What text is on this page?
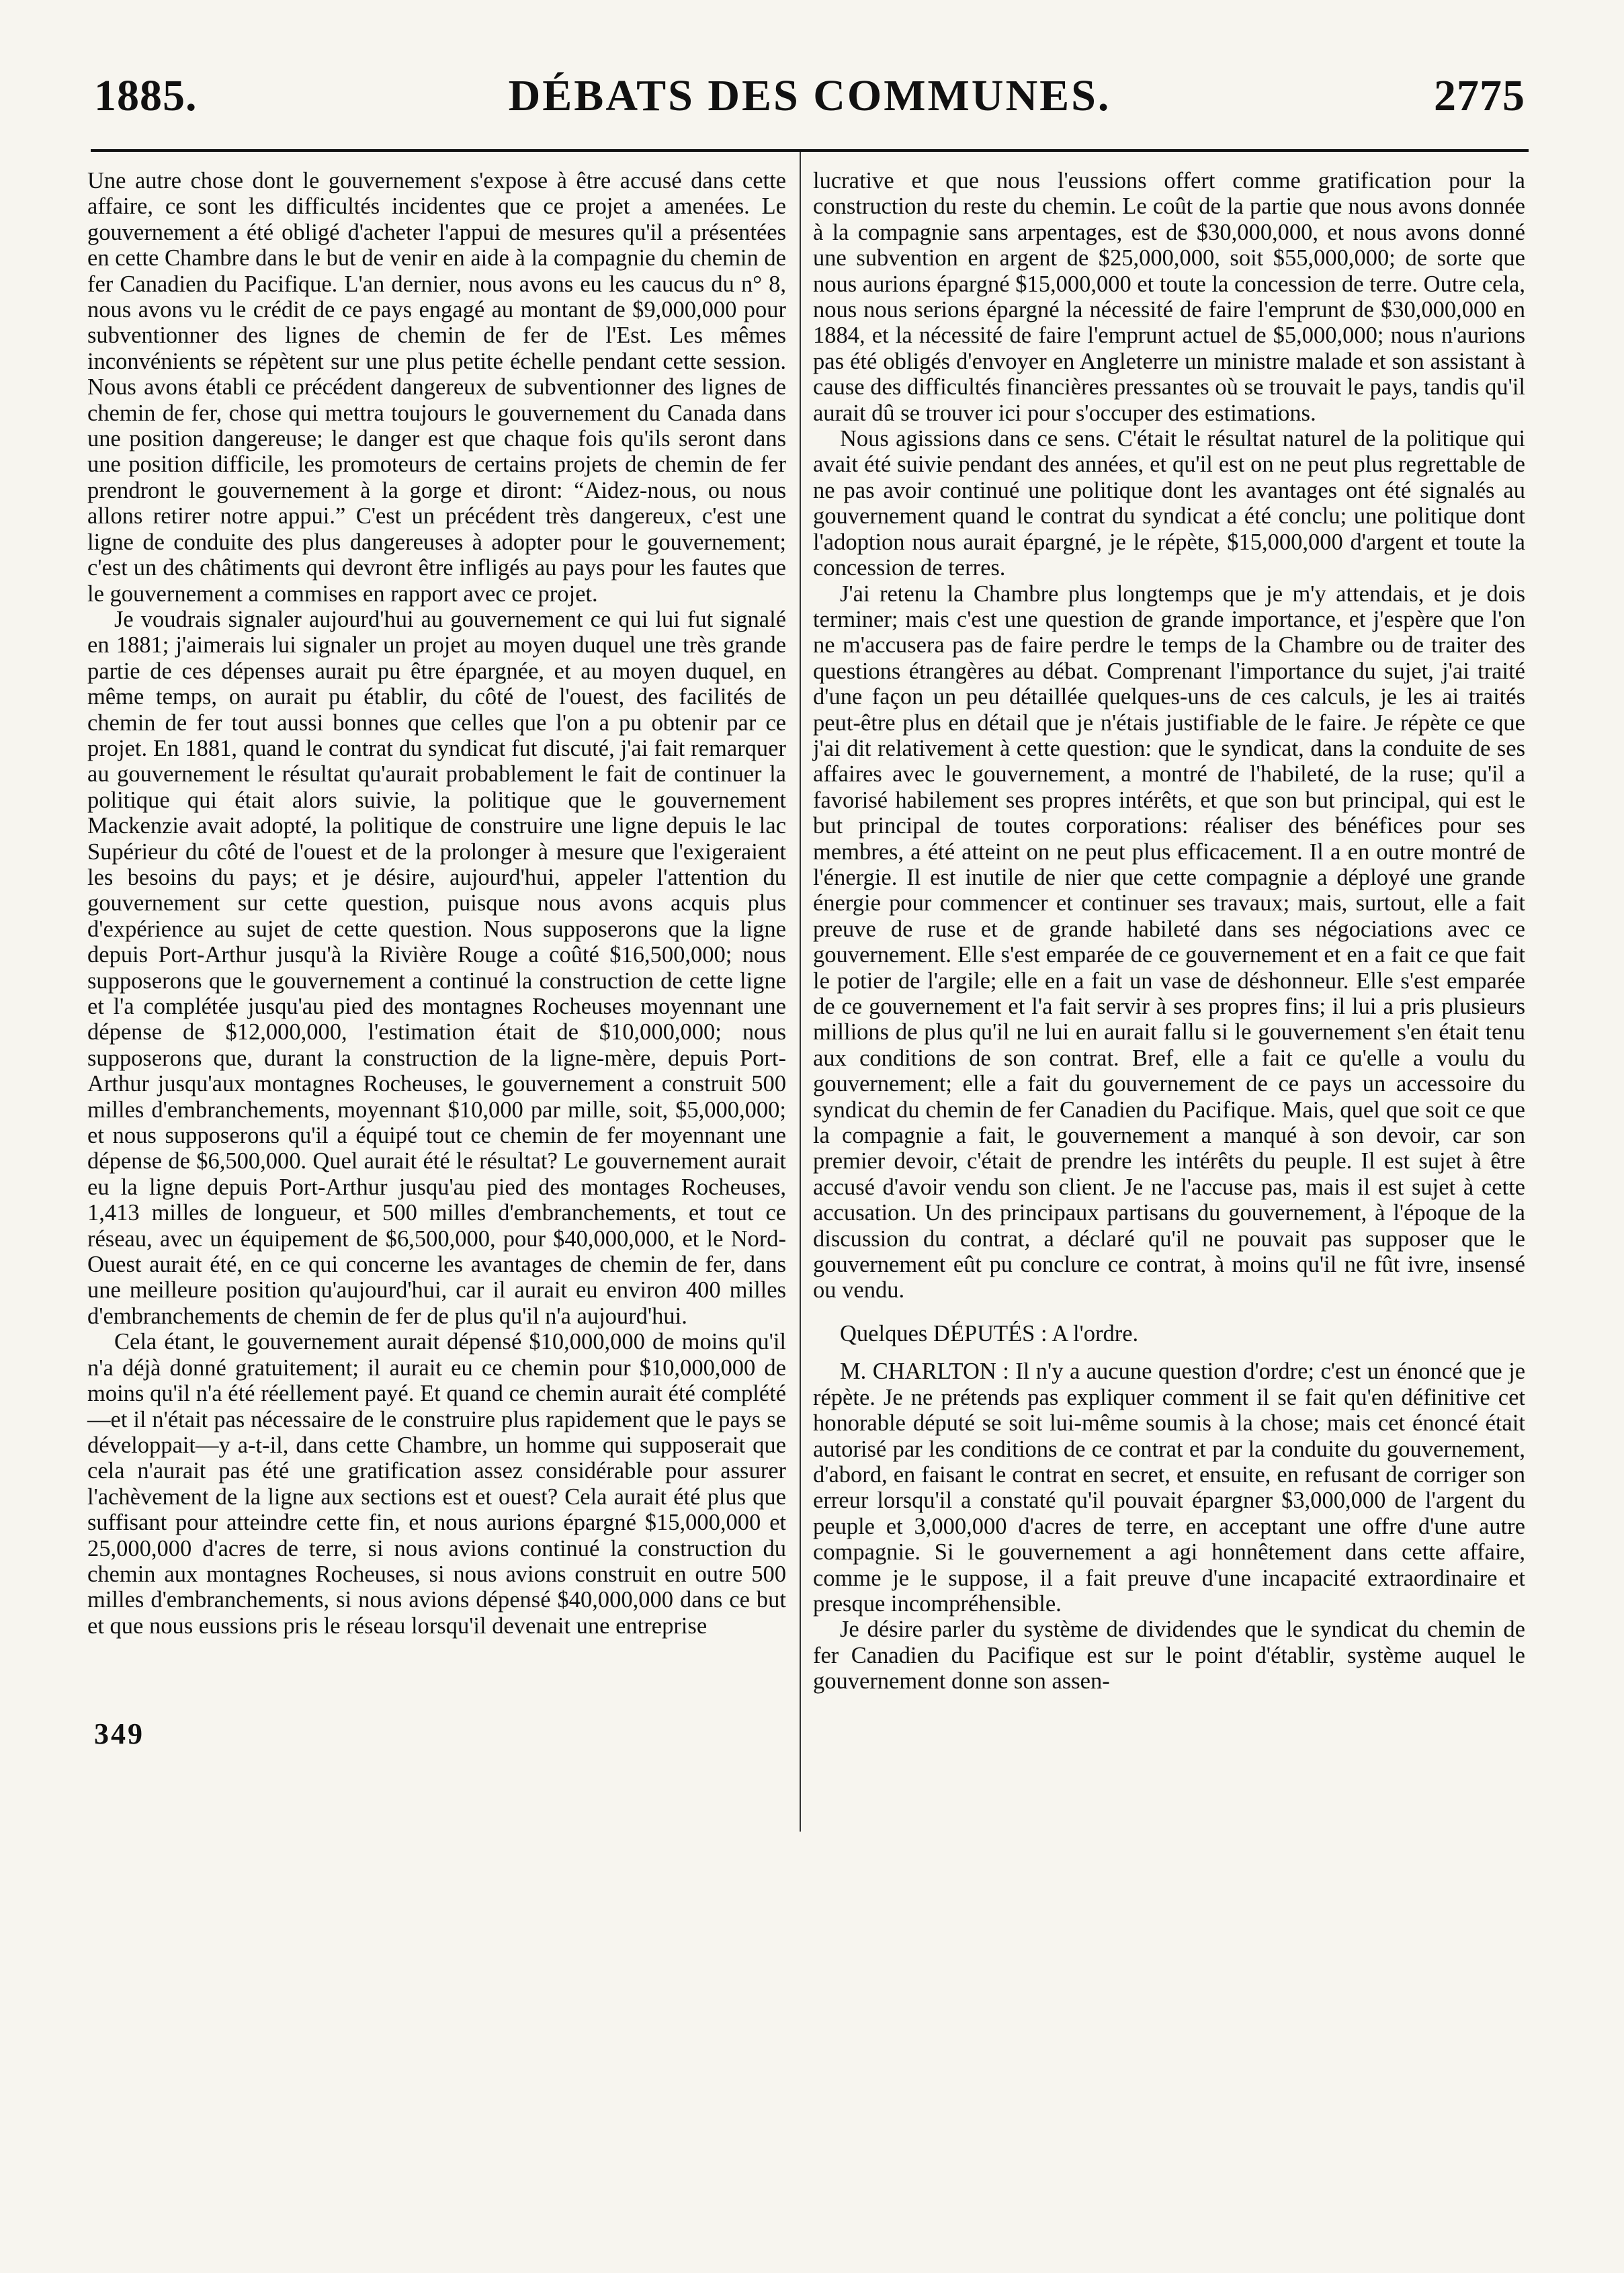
1885.	DÉBATS DES COMMUNES.	2775

Une autre chose dont le gouvernement s'expose à être accusé dans cette affaire, ce sont les difficultés incidentes que ce projet a amenées. Le gouvernement a été obligé d'acheter l'appui de mesures qu'il a présentées en cette Chambre dans le but de venir en aide à la compagnie du chemin de fer Canadien du Pacifique. L'an dernier, nous avons eu les caucus du n° 8, nous avons vu le crédit de ce pays engagé au montant de $9,000,000 pour subventionner des lignes de chemin de fer de l'Est. Les mêmes inconvénients se répètent sur une plus petite échelle pendant cette session. Nous avons établi ce précédent dangereux de subventionner des lignes de chemin de fer, chose qui mettra toujours le gouvernement du Canada dans une position dangereuse; le danger est que chaque fois qu'ils seront dans une position difficile, les promoteurs de certains projets de chemin de fer prendront le gouvernement à la gorge et diront: “Aidez-nous, ou nous allons retirer notre appui.” C'est un précédent très dangereux, c'est une ligne de conduite des plus dangereuses à adopter pour le gouvernement; c'est un des châtiments qui devront être infligés au pays pour les fautes que le gouvernement a commises en rapport avec ce projet.

Je voudrais signaler aujourd'hui au gouvernement ce qui lui fut signalé en 1881; j'aimerais lui signaler un projet au moyen duquel une très grande partie de ces dépenses aurait pu être épargnée, et au moyen duquel, en même temps, on aurait pu établir, du côté de l'ouest, des facilités de chemin de fer tout aussi bonnes que celles que l'on a pu obtenir par ce projet. En 1881, quand le contrat du syndicat fut discuté, j'ai fait remarquer au gouvernement le résultat qu'aurait probablement le fait de continuer la politique qui était alors suivie, la politique que le gouvernement Mackenzie avait adopté, la politique de construire une ligne depuis le lac Supérieur du côté de l'ouest et de la prolonger à mesure que l'exigeraient les besoins du pays; et je désire, aujourd'hui, appeler l'attention du gouvernement sur cette question, puisque nous avons acquis plus d'expérience au sujet de cette question. Nous supposerons que la ligne depuis Port-Arthur jusqu'à la Rivière Rouge a coûté $16,500,000; nous supposerons que le gouvernement a continué la construction de cette ligne et l'a complétée jusqu'au pied des montagnes Rocheuses moyennant une dépense de $12,000,000, l'estimation était de $10,000,000; nous supposerons que, durant la construction de la ligne-mère, depuis Port-Arthur jusqu'aux montagnes Rocheuses, le gouvernement a construit 500 milles d'embranchements, moyennant $10,000 par mille, soit, $5,000,000; et nous supposerons qu'il a équipé tout ce chemin de fer moyennant une dépense de $6,500,000. Quel aurait été le résultat? Le gouvernement aurait eu la ligne depuis Port-Arthur jusqu'au pied des montages Rocheuses, 1,413 milles de longueur, et 500 milles d'embranchements, et tout ce réseau, avec un équipement de $6,500,000, pour $40,000,000, et le Nord-Ouest aurait été, en ce qui concerne les avantages de chemin de fer, dans une meilleure position qu'aujourd'hui, car il aurait eu environ 400 milles d'embranchements de chemin de fer de plus qu'il n'a aujourd'hui.

Cela étant, le gouvernement aurait dépensé $10,000,000 de moins qu'il n'a déjà donné gratuitement; il aurait eu ce chemin pour $10,000,000 de moins qu'il n'a été réellement payé. Et quand ce chemin aurait été complété—et il n'était pas nécessaire de le construire plus rapidement que le pays se développait—y a-t-il, dans cette Chambre, un homme qui supposerait que cela n'aurait pas été une gratification assez considérable pour assurer l'achèvement de la ligne aux sections est et ouest? Cela aurait été plus que suffisant pour atteindre cette fin, et nous aurions épargné $15,000,000 et 25,000,000 d'acres de terre, si nous avions continué la construction du chemin aux montagnes Rocheuses, si nous avions construit en outre 500 milles d'embranchements, si nous avions dépensé $40,000,000 dans ce but et que nous eussions pris le réseau lorsqu'il devenait une entreprise

lucrative et que nous l'eussions offert comme gratification pour la construction du reste du chemin. Le coût de la partie que nous avons donnée à la compagnie sans arpentages, est de $30,000,000, et nous avons donné une subvention en argent de $25,000,000, soit $55,000,000; de sorte que nous aurions épargné $15,000,000 et toute la concession de terre. Outre cela, nous nous serions épargné la nécessité de faire l'emprunt de $30,000,000 en 1884, et la nécessité de faire l'emprunt actuel de $5,000,000; nous n'aurions pas été obligés d'envoyer en Angleterre un ministre malade et son assistant à cause des difficultés financières pressantes où se trouvait le pays, tandis qu'il aurait dû se trouver ici pour s'occuper des estimations.

Nous agissions dans ce sens. C'était le résultat naturel de la politique qui avait été suivie pendant des années, et qu'il est on ne peut plus regrettable de ne pas avoir continué une politique dont les avantages ont été signalés au gouvernement quand le contrat du syndicat a été conclu; une politique dont l'adoption nous aurait épargné, je le répète, $15,000,000 d'argent et toute la concession de terres.

J'ai retenu la Chambre plus longtemps que je m'y attendais, et je dois terminer; mais c'est une question de grande importance, et j'espère que l'on ne m'accusera pas de faire perdre le temps de la Chambre ou de traiter des questions étrangères au débat. Comprenant l'importance du sujet, j'ai traité d'une façon un peu détaillée quelques-uns de ces calculs, je les ai traités peut-être plus en détail que je n'étais justifiable de le faire. Je répète ce que j'ai dit relativement à cette question: que le syndicat, dans la conduite de ses affaires avec le gouvernement, a montré de l'habileté, de la ruse; qu'il a favorisé habilement ses propres intérêts, et que son but principal, qui est le but principal de toutes corporations: réaliser des bénéfices pour ses membres, a été atteint on ne peut plus efficacement. Il a en outre montré de l'énergie. Il est inutile de nier que cette compagnie a déployé une grande énergie pour commencer et continuer ses travaux; mais, surtout, elle a fait preuve de ruse et de grande habileté dans ses négociations avec ce gouvernement. Elle s'est emparée de ce gouvernement et en a fait ce que fait le potier de l'argile; elle en a fait un vase de déshonneur. Elle s'est emparée de ce gouvernement et l'a fait servir à ses propres fins; il lui a pris plusieurs millions de plus qu'il ne lui en aurait fallu si le gouvernement s'en était tenu aux conditions de son contrat. Bref, elle a fait ce qu'elle a voulu du gouvernement; elle a fait du gouvernement de ce pays un accessoire du syndicat du chemin de fer Canadien du Pacifique. Mais, quel que soit ce que la compagnie a fait, le gouvernement a manqué à son devoir, car son premier devoir, c'était de prendre les intérêts du peuple. Il est sujet à être accusé d'avoir vendu son client. Je ne l'accuse pas, mais il est sujet à cette accusation. Un des principaux partisans du gouvernement, à l'époque de la discussion du contrat, a déclaré qu'il ne pouvait pas supposer que le gouvernement eût pu conclure ce contrat, à moins qu'il ne fût ivre, insensé ou vendu.

Quelques DÉPUTÉS : A l'ordre.

M. CHARLTON : Il n'y a aucune question d'ordre; c'est un énoncé que je répète. Je ne prétends pas expliquer comment il se fait qu'en définitive cet honorable député se soit lui-même soumis à la chose; mais cet énoncé était autorisé par les conditions de ce contrat et par la conduite du gouvernement, d'abord, en faisant le contrat en secret, et ensuite, en refusant de corriger son erreur lorsqu'il a constaté qu'il pouvait épargner $3,000,000 de l'argent du peuple et 3,000,000 d'acres de terre, en acceptant une offre d'une autre compagnie. Si le gouvernement a agi honnêtement dans cette affaire, comme je le suppose, il a fait preuve d'une incapacité extraordinaire et presque incompréhensible.

Je désire parler du système de dividendes que le syndicat du chemin de fer Canadien du Pacifique est sur le point d'établir, système auquel le gouvernement donne son assen-

349
